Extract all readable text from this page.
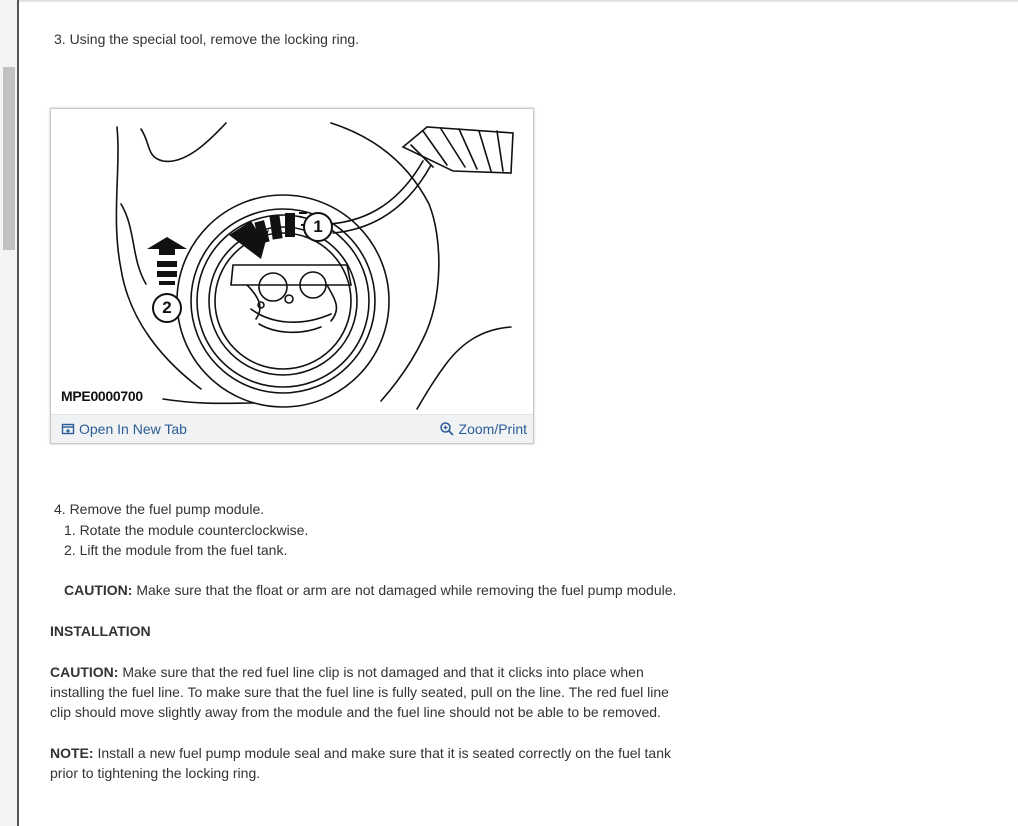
3. Using the special tool, remove the locking ring.
4. Remove the fuel pump module.
1. Rotate the module counterclockwise.
2. Lift the module from the fuel tank.
CAUTION: Make sure that the float or arm are not damaged while removing the fuel pump module.
INSTALLATION
CAUTION: Make sure that the red fuel line clip is not damaged and that it clicks into place when installing the fuel line. To make sure that the fuel line is fully seated, pull on the line. The red fuel line clip should move slightly away from the module and the fuel line should not be able to be removed.
NOTE: Install a new fuel pump module seal and make sure that it is seated correctly on the fuel tank prior to tightening the locking ring.
1
2
MPE0000700
Open In New Tab	Zoom/Print
